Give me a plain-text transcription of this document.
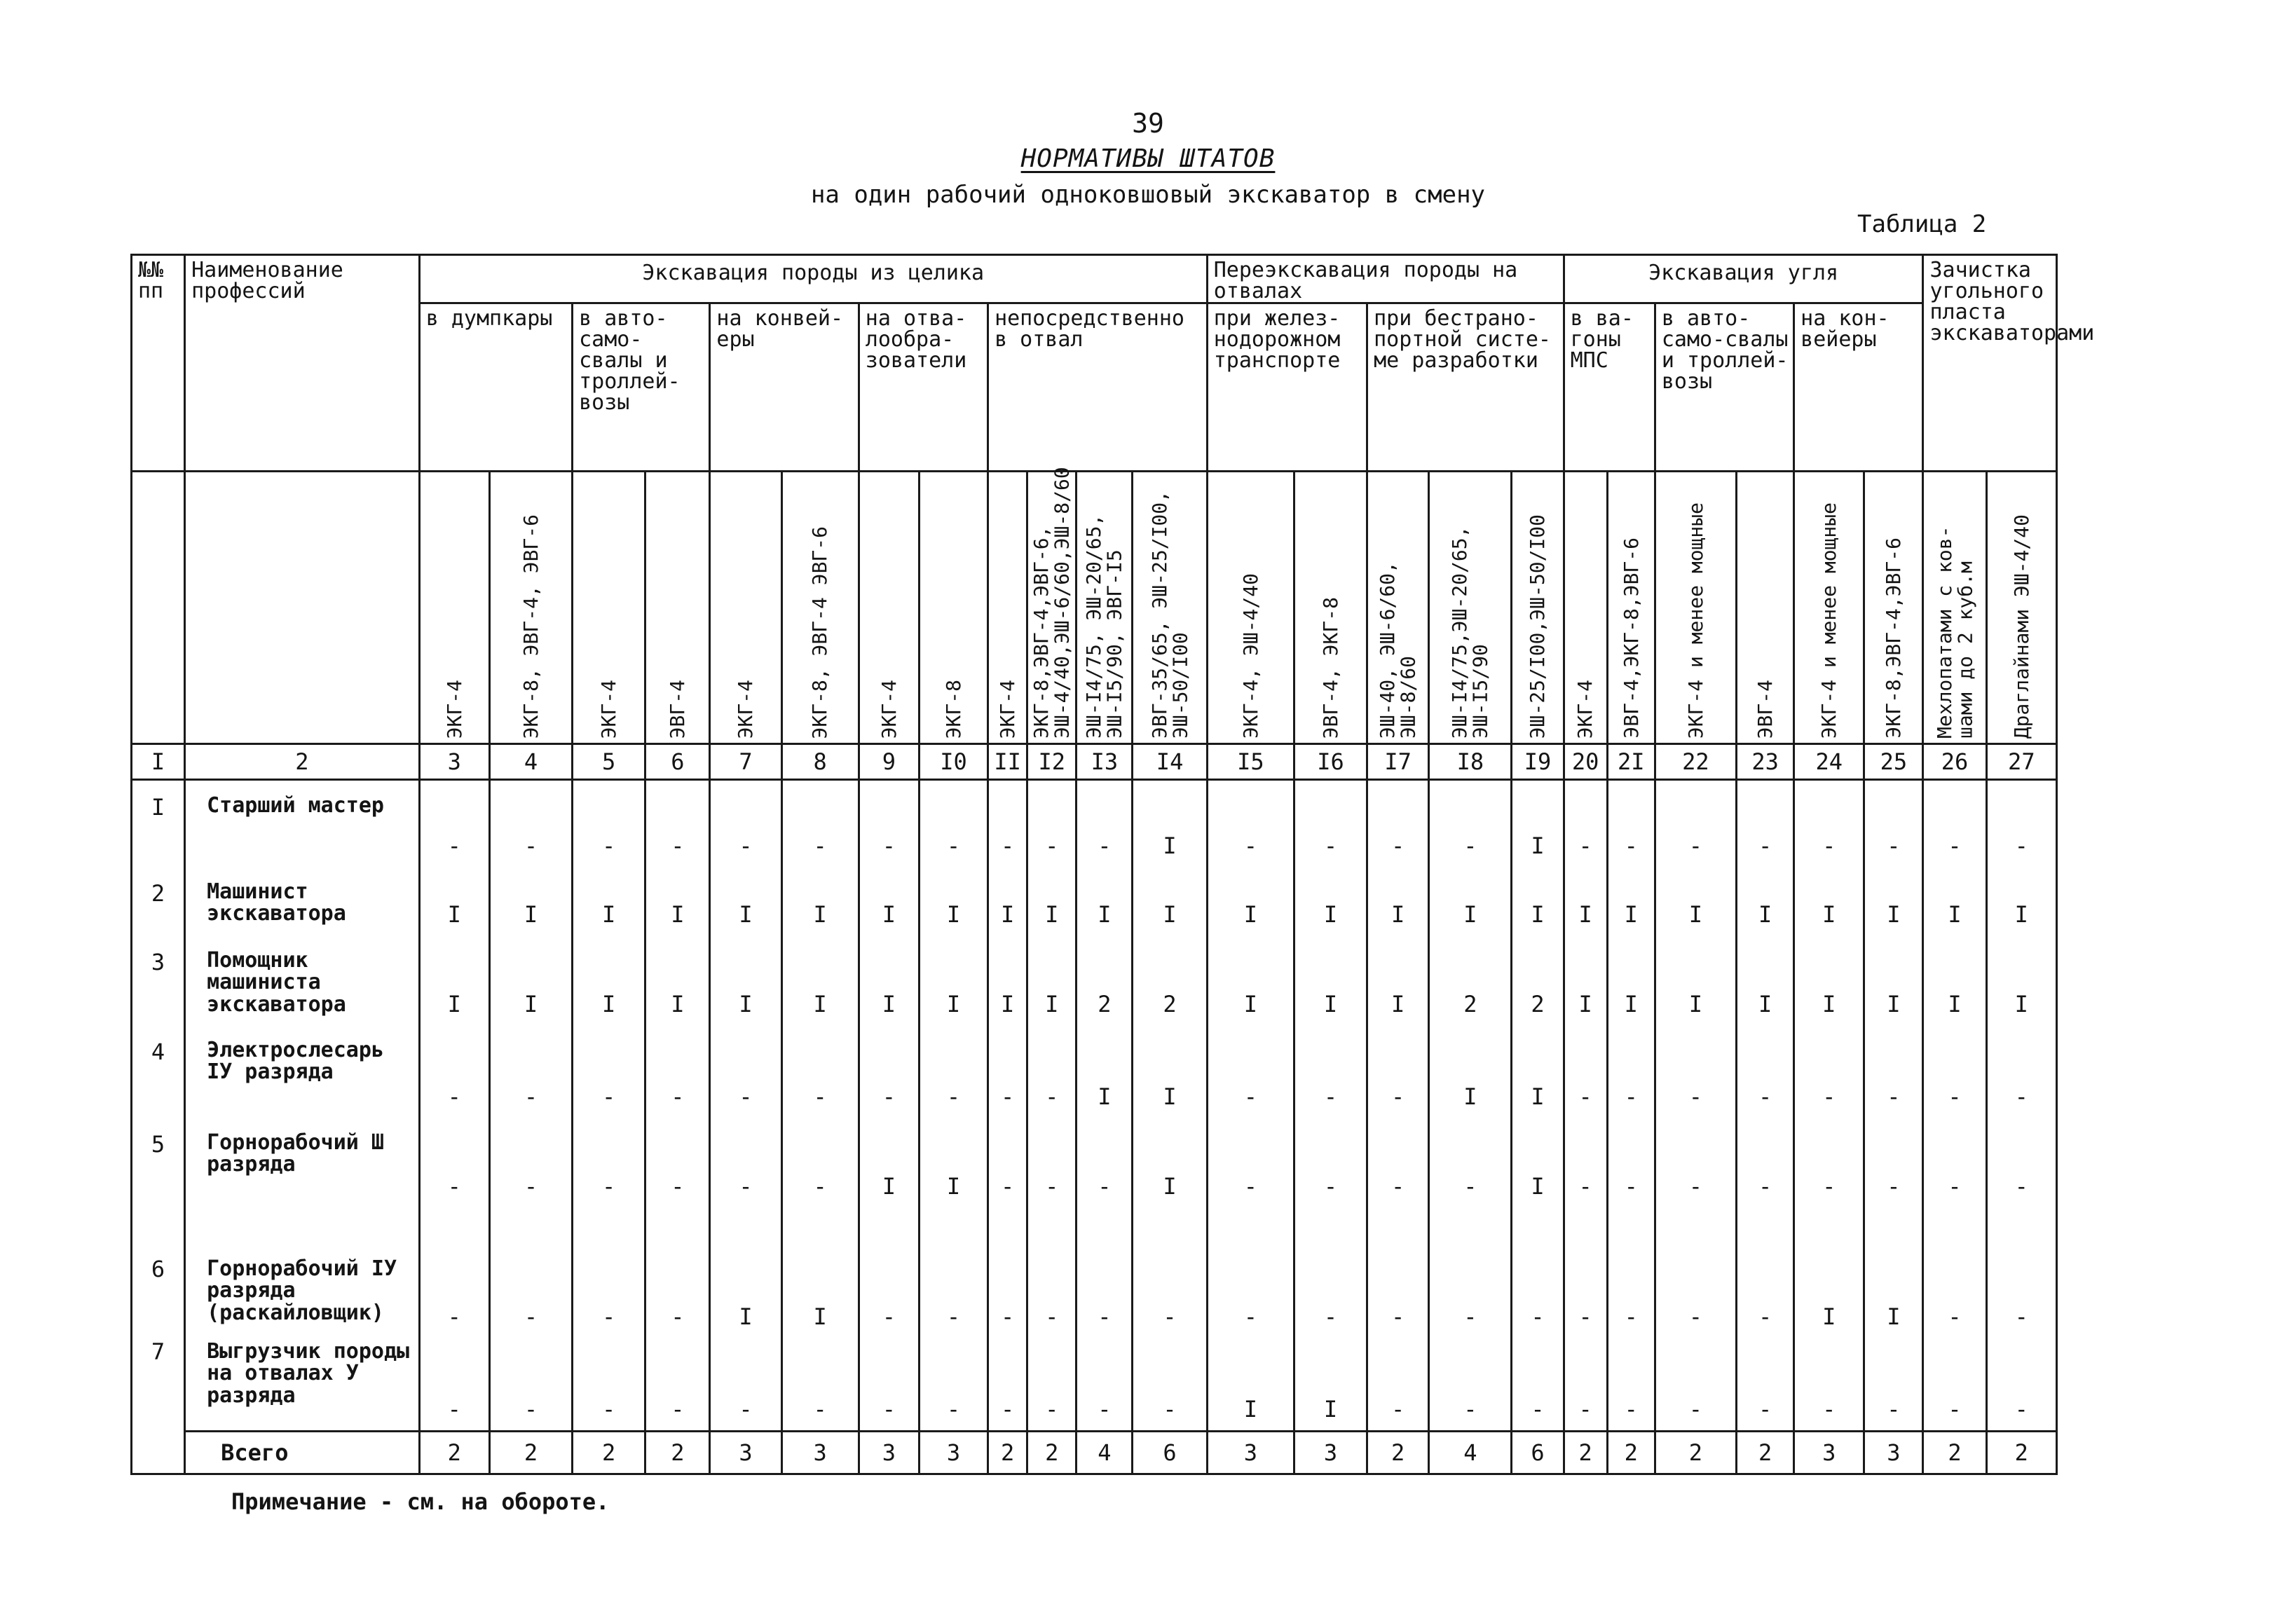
39
НОРМАТИВЫ ШТАТОВ
на один рабочий одноковшовый экскаватор в смену
Таблица 2
№№ пп	Наименование профессий	Экскавация породы из целика												Переэкскавация породы на отвалах					Экскавация угля						Зачистка угольного пласта экскаваторами	
		в думпкары		в авто-само-свалы и троллей-возы		на конвей-еры		на отва-лообра-зователи		непосредственно в отвал				при желез-нодорожном транспорте		при бестрано-портной систе-ме разработки			в ва-гоны МПС		в авто-само-свалы и троллей-возы		на кон-вейеры			

		ЭКГ-4	ЭКГ-8, ЭВГ-4, ЭВГ-6	ЭКГ-4	ЭВГ-4	ЭКГ-4	ЭКГ-8, ЭВГ-4 ЭВГ-6	ЭКГ-4	ЭКГ-8	ЭКГ-4	ЭКГ-8,ЭВГ-4,ЭВГ-6, ЭШ-4/40,ЭШ-6/60,ЭШ-8/60	ЭШ-I4/75, ЭШ-20/65, ЭШ-I5/90, ЭВГ-I5	ЭВГ-35/65, ЭШ-25/I00, ЭШ-50/I00	ЭКГ-4, ЭШ-4/40	ЭВГ-4, ЭКГ-8	ЭШ-40, ЭШ-6/60, ЭШ-8/60	ЭШ-I4/75,ЭШ-20/65, ЭШ-I5/90	ЭШ-25/I00,ЭШ-50/I00	ЭКГ-4	ЭВГ-4,ЭКГ-8,ЭВГ-6	ЭКГ-4 и менее мощные	ЭВГ-4	ЭКГ-4 и менее мощные	ЭКГ-8,ЭВГ-4,ЭВГ-6	Мехлопатами с ков-шами до 2 куб.м	Драглайнами ЭШ-4/40

I	2	3	4	5	6	7	8	9	I0	II	I2	I3	I4	I5	I6	I7	I8	I9	20	2I	22	23	24	25	26	27
I	Старший мастер	-	-	-	-	-	-	-	-	-	-	-	I	-	-	-	-	I	-	-	-	-	-	-	-	-
2	Машинист экскаватора	I	I	I	I	I	I	I	I	I	I	I	I	I	I	I	I	I	I	I	I	I	I	I	I	I
3	Помощник машиниста экскаватора	I	I	I	I	I	I	I	I	I	I	2	2	I	I	I	2	2	I	I	I	I	I	I	I	I
4	Электрослесарь IУ разряда	-	-	-	-	-	-	-	-	-	-	I	I	-	-	-	I	I	-	-	-	-	-	-	-	-
5	Горнорабочий Ш разряда	-	-	-	-	-	-	I	I	-	-	-	I	-	-	-	-	I	-	-	-	-	-	-	-	-
6	Горнорабочий IУ разряда (раскайловщик)	-	-	-	-	I	I	-	-	-	-	-	-	-	-	-	-	-	-	-	-	-	I	I	-	-
7	Выгрузчик породы на отвалах У разряда	-	-	-	-	-	-	-	-	-	-	-	-	I	I	-	-	-	-	-	-	-	-	-	-	-
	Всего	2	2	2	2	3	3	3	3	2	2	4	6	3	3	2	4	6	2	2	2	2	3	3	2	2
Примечание - см. на обороте.
